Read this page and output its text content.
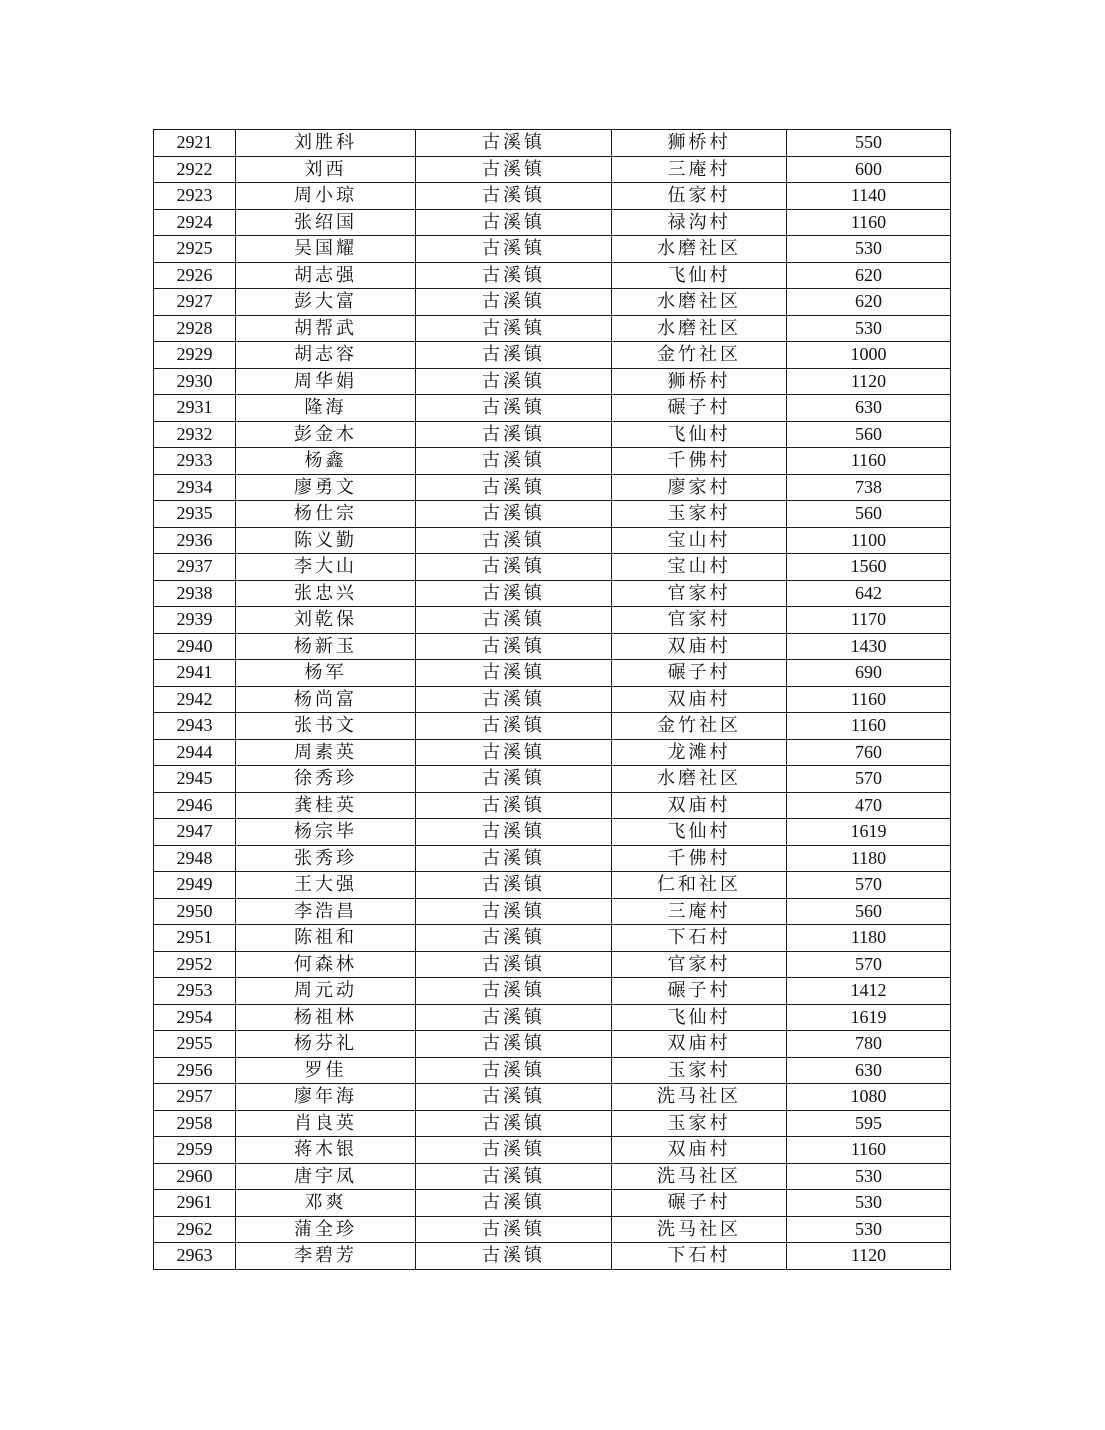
2921	刘胜科	古溪镇	狮桥村	550
2922	刘西	古溪镇	三庵村	600
2923	周小琼	古溪镇	伍家村	1140
2924	张绍国	古溪镇	禄沟村	1160
2925	吴国耀	古溪镇	水磨社区	530
2926	胡志强	古溪镇	飞仙村	620
2927	彭大富	古溪镇	水磨社区	620
2928	胡帮武	古溪镇	水磨社区	530
2929	胡志容	古溪镇	金竹社区	1000
2930	周华娟	古溪镇	狮桥村	1120
2931	隆海	古溪镇	碾子村	630
2932	彭金木	古溪镇	飞仙村	560
2933	杨鑫	古溪镇	千佛村	1160
2934	廖勇文	古溪镇	廖家村	738
2935	杨仕宗	古溪镇	玉家村	560
2936	陈义勤	古溪镇	宝山村	1100
2937	李大山	古溪镇	宝山村	1560
2938	张忠兴	古溪镇	官家村	642
2939	刘乾保	古溪镇	官家村	1170
2940	杨新玉	古溪镇	双庙村	1430
2941	杨军	古溪镇	碾子村	690
2942	杨尚富	古溪镇	双庙村	1160
2943	张书文	古溪镇	金竹社区	1160
2944	周素英	古溪镇	龙滩村	760
2945	徐秀珍	古溪镇	水磨社区	570
2946	龚桂英	古溪镇	双庙村	470
2947	杨宗毕	古溪镇	飞仙村	1619
2948	张秀珍	古溪镇	千佛村	1180
2949	王大强	古溪镇	仁和社区	570
2950	李浩昌	古溪镇	三庵村	560
2951	陈祖和	古溪镇	下石村	1180
2952	何森林	古溪镇	官家村	570
2953	周元动	古溪镇	碾子村	1412
2954	杨祖林	古溪镇	飞仙村	1619
2955	杨芬礼	古溪镇	双庙村	780
2956	罗佳	古溪镇	玉家村	630
2957	廖年海	古溪镇	洗马社区	1080
2958	肖良英	古溪镇	玉家村	595
2959	蒋木银	古溪镇	双庙村	1160
2960	唐宇凤	古溪镇	洗马社区	530
2961	邓爽	古溪镇	碾子村	530
2962	蒲全珍	古溪镇	洗马社区	530
2963	李碧芳	古溪镇	下石村	1120
